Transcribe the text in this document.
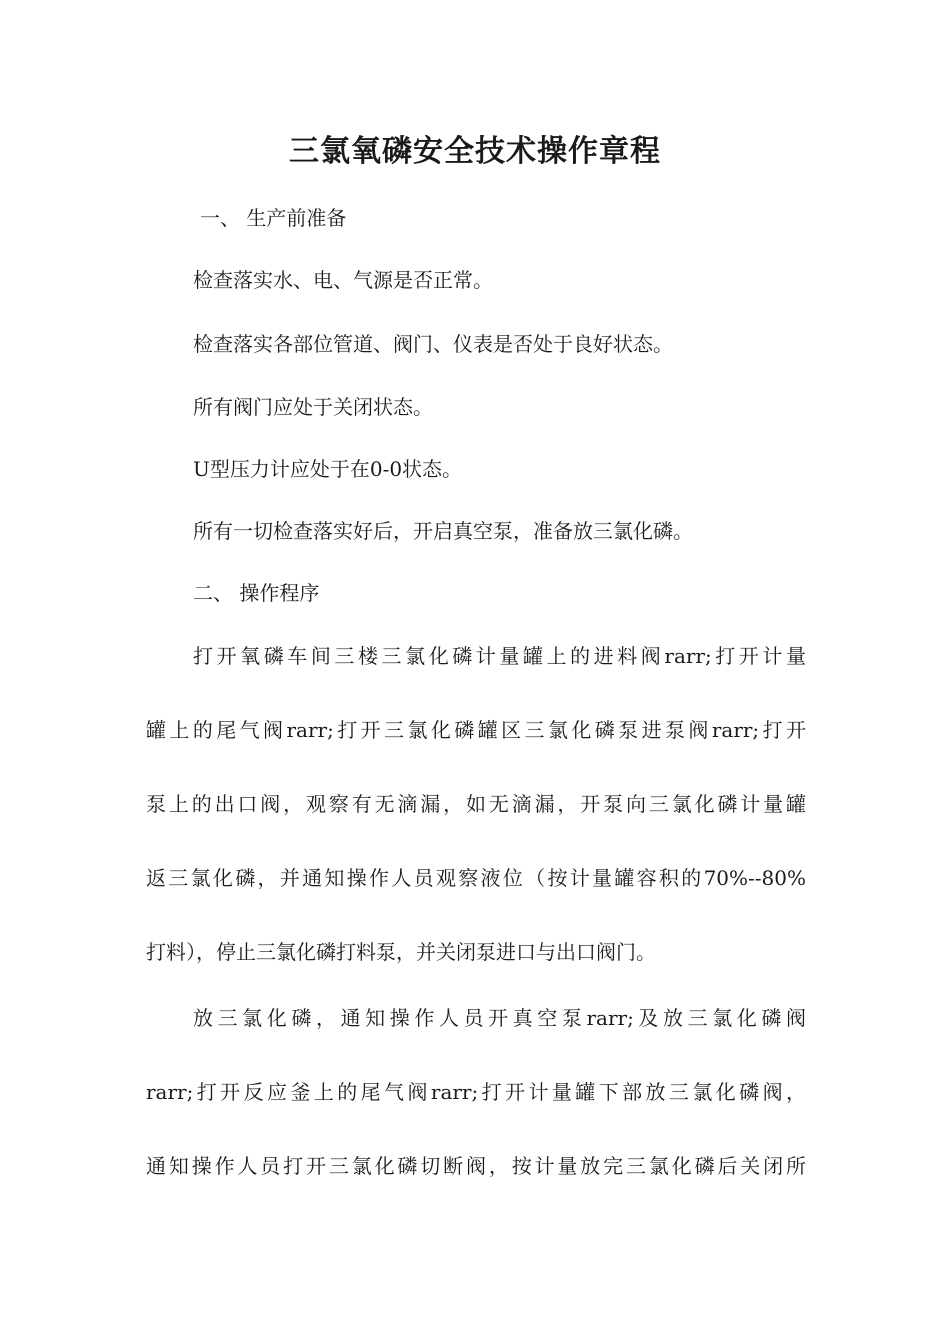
三氯氧磷安全技术操作章程

一、 生产前准备

检查落实水、电、气源是否正常。

检查落实各部位管道、阀门、仪表是否处于良好状态。

所有阀门应处于关闭状态。

U型压力计应处于在0-0状态。

所有一切检查落实好后，开启真空泵，准备放三氯化磷。

二、 操作程序

打开氧磷车间三楼三氯化磷计量罐上的进料阀rarr;打开计量

罐上的尾气阀rarr;打开三氯化磷罐区三氯化磷泵进泵阀rarr;打开

泵上的出口阀，观察有无滴漏，如无滴漏，开泵向三氯化磷计量罐

返三氯化磷，并通知操作人员观察液位（按计量罐容积的70%--80%

打料），停止三氯化磷打料泵，并关闭泵进口与出口阀门。

放三氯化磷，通知操作人员开真空泵rarr;及放三氯化磷阀

rarr;打开反应釜上的尾气阀rarr;打开计量罐下部放三氯化磷阀，

通知操作人员打开三氯化磷切断阀，按计量放完三氯化磷后关闭所
